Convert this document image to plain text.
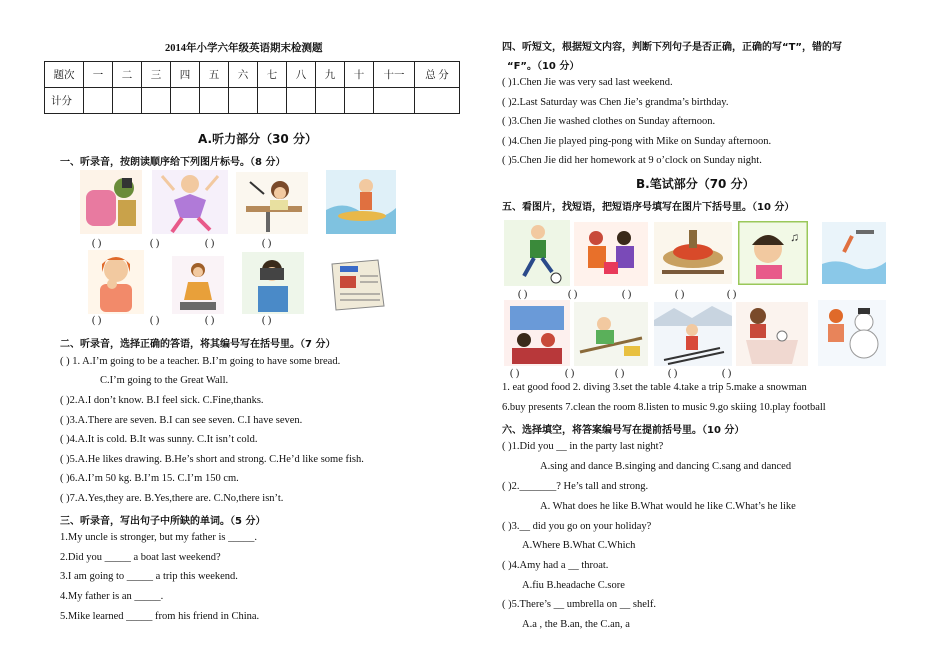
2014年小学六年级英语期末检测题
题次	一	二	三	四	五	六	七	八	九	十	十一	总 分
计分												
A.听力部分（30 分）
一、听录音，按朗读顺序给下列图片标号。（8 分）
( )	( )	( )	( )
( )	( )	( )	( )
二、听录音，选择正确的答语，将其编号写在括号里。（7 分）
( ) 1. A.I’m going to be a teacher. B.I’m going to have some bread.
C.I’m going to the Great Wall.
( )2.A.I don’t know. B.I feel sick. C.Fine,thanks.
( )3.A.There are seven. B.I can see seven. C.I have seven.
( )4.A.It is cold. B.It was sunny. C.It isn’t cold.
( )5.A.He likes drawing. B.He’s short and strong. C.He’d like some fish.
( )6.A.I’m 50 kg. B.I’m 15. C.I’m 150 cm.
( )7.A.Yes,they are. B.Yes,there are. C.No,there isn’t.
三、听录音，写出句子中所缺的单词。（5 分）
1.My uncle is stronger, but my father is _____.
2.Did you _____ a boat last weekend?
3.I am going to _____ a trip this weekend.
4.My father is an _____.
5.Mike learned _____ from his friend in China.
四、听短文，根据短文内容，判断下列句子是否正确，正确的写“T”，错的写
“F”。（10 分）
( )1.Chen Jie was very sad last weekend.
( )2.Last Saturday was Chen Jie’s grandma’s birthday.
( )3.Chen Jie washed clothes on Sunday afternoon.
( )4.Chen Jie played ping-pong with Mike on Sunday afternoon.
( )5.Chen Jie did her homework at 9 o’clock on Sunday night.
B.笔试部分（70 分）
五、看图片，找短语，把短语序号填写在图片下括号里。（10 分）
♫
( )	( )	( )	( )	( )
( )	( )	( )	( )	( )
1. eat good food 2. diving 3.set the table 4.take a trip 5.make a snowman
6.buy presents 7.clean the room 8.listen to music 9.go skiing 10.play football
六、选择填空，将答案编号写在提前括号里。（10 分）
( )1.Did you __ in the party last night?
A.sing and dance B.singing and dancing C.sang and danced
( )2._______? He’s tall and strong.
A. What does he like B.What would he like C.What’s he like
( )3.__ did you go on your holiday?
A.Where B.What C.Which
( )4.Amy had a __ throat.
A.fiu B.headache C.sore
( )5.There’s __ umbrella on __ shelf.
A.a , the B.an, the C.an, a
